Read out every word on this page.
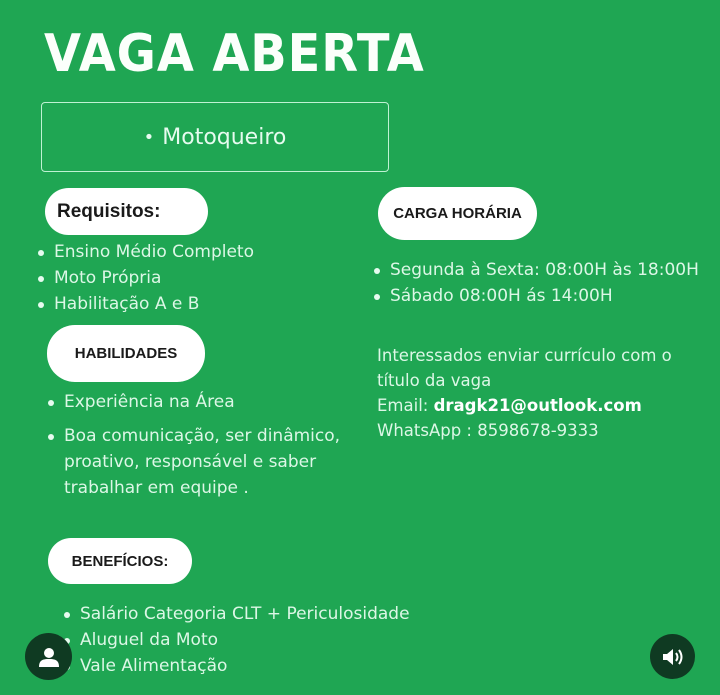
VAGA ABERTA
• Motoqueiro
Requisitos:
Ensino Médio Completo
Moto Própria
Habilitação A e B
HABILIDADES
Experiência na Área
Boa comunicação, ser dinâmico, proativo, responsável e saber trabalhar em equipe .
BENEFÍCIOS:
Salário Categoria CLT + Periculosidade
Aluguel da Moto
Vale Alimentação
CARGA HORÁRIA
Segunda à Sexta: 08:00H às 18:00H
Sábado 08:00H ás 14:00H
Interessados enviar currículo com o título da vaga
Email: dragk21@outlook.com
WhatsApp : 8598678-9333
